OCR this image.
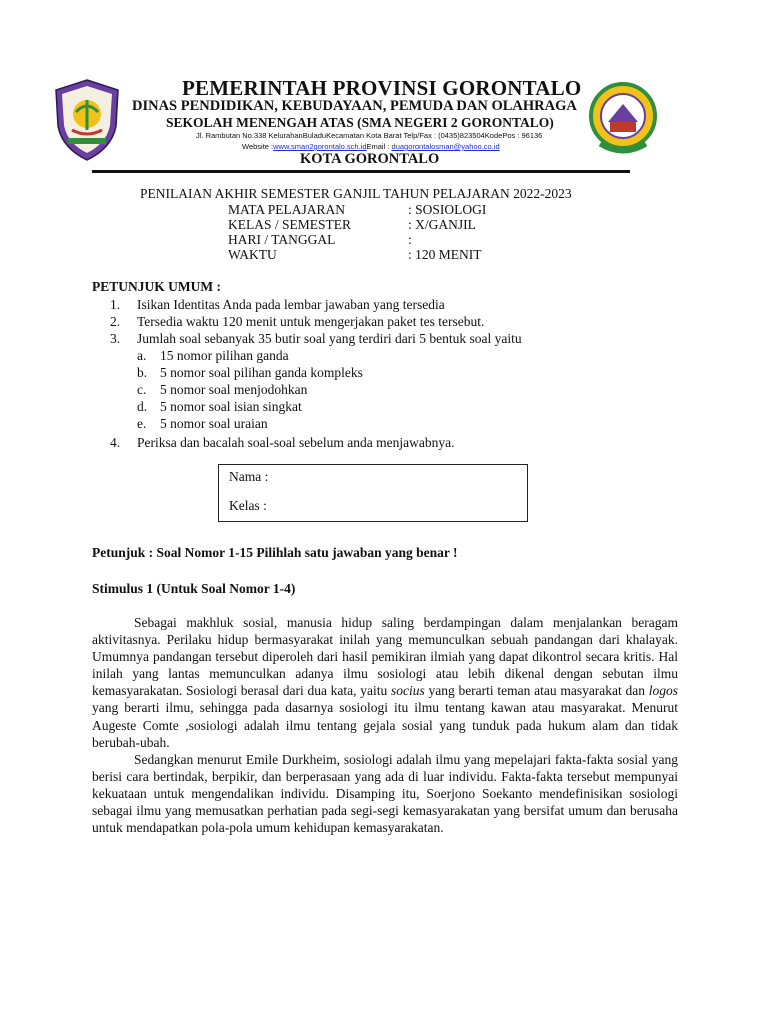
PEMERINTAH PROVINSI GORONTALO
DINAS PENDIDIKAN, KEBUDAYAAN, PEMUDA DAN OLAHRAGA
SEKOLAH MENENGAH ATAS (SMA NEGERI 2 GORONTALO)
Jl. Rambutan No.338 KelurahanBuladuKecamatan Kota Barat Telp/Fax : (0435)823504KodePos : 96136
Website :www.sman2gorontalo.sch.idEmail : duagorontalosman@yahoo.co.id
KOTA GORONTALO
PENILAIAN AKHIR SEMESTER GANJIL TAHUN PELAJARAN 2022-2023
MATA PELAJARAN	: SOSIOLOGI
KELAS / SEMESTER	: X/GANJIL
HARI / TANGGAL	:
WAKTU	: 120 MENIT
PETUNJUK UMUM :
1. Isikan Identitas Anda pada lembar jawaban yang tersedia
2. Tersedia waktu 120 menit untuk mengerjakan paket tes tersebut.
3. Jumlah soal sebanyak 35 butir soal yang terdiri dari 5 bentuk soal yaitu
a. 15 nomor pilihan ganda
b. 5 nomor soal pilihan ganda kompleks
c. 5 nomor soal menjodohkan
d. 5 nomor soal isian singkat
e. 5 nomor soal uraian
4. Periksa dan bacalah soal-soal sebelum anda menjawabnya.
Nama :
Kelas :
Petunjuk : Soal Nomor 1-15 Pilihlah satu jawaban yang benar !
Stimulus 1 (Untuk Soal Nomor 1-4)

Sebagai makhluk sosial, manusia hidup saling berdampingan dalam menjalankan beragam aktivitasnya. Perilaku hidup bermasyarakat inilah yang memunculkan sebuah pandangan dari khalayak. Umumnya pandangan tersebut diperoleh dari hasil pemikiran ilmiah yang dapat dikontrol secara kritis. Hal inilah yang lantas memunculkan adanya ilmu sosiologi atau lebih dikenal dengan sebutan ilmu kemasyarakatan. Sosiologi berasal dari dua kata, yaitu socius yang berarti teman atau masyarakat dan logos yang berarti ilmu, sehingga pada dasarnya sosiologi itu ilmu tentang kawan atau masyarakat. Menurut Augeste Comte ,sosiologi adalah ilmu tentang gejala sosial yang tunduk pada hukum alam dan tidak berubah-ubah.

Sedangkan menurut Emile Durkheim, sosiologi adalah ilmu yang mepelajari fakta-fakta sosial yang berisi cara bertindak, berpikir, dan berperasaan yang ada di luar individu. Fakta-fakta tersebut mempunyai kekuataan untuk mengendalikan individu. Disamping itu, Soerjono Soekanto mendefinisikan sosiologi sebagai ilmu yang memusatkan perhatian pada segi-segi kemasyarakatan yang bersifat umum dan berusaha untuk mendapatkan pola-pola umum kehidupan kemasyarakatan.
